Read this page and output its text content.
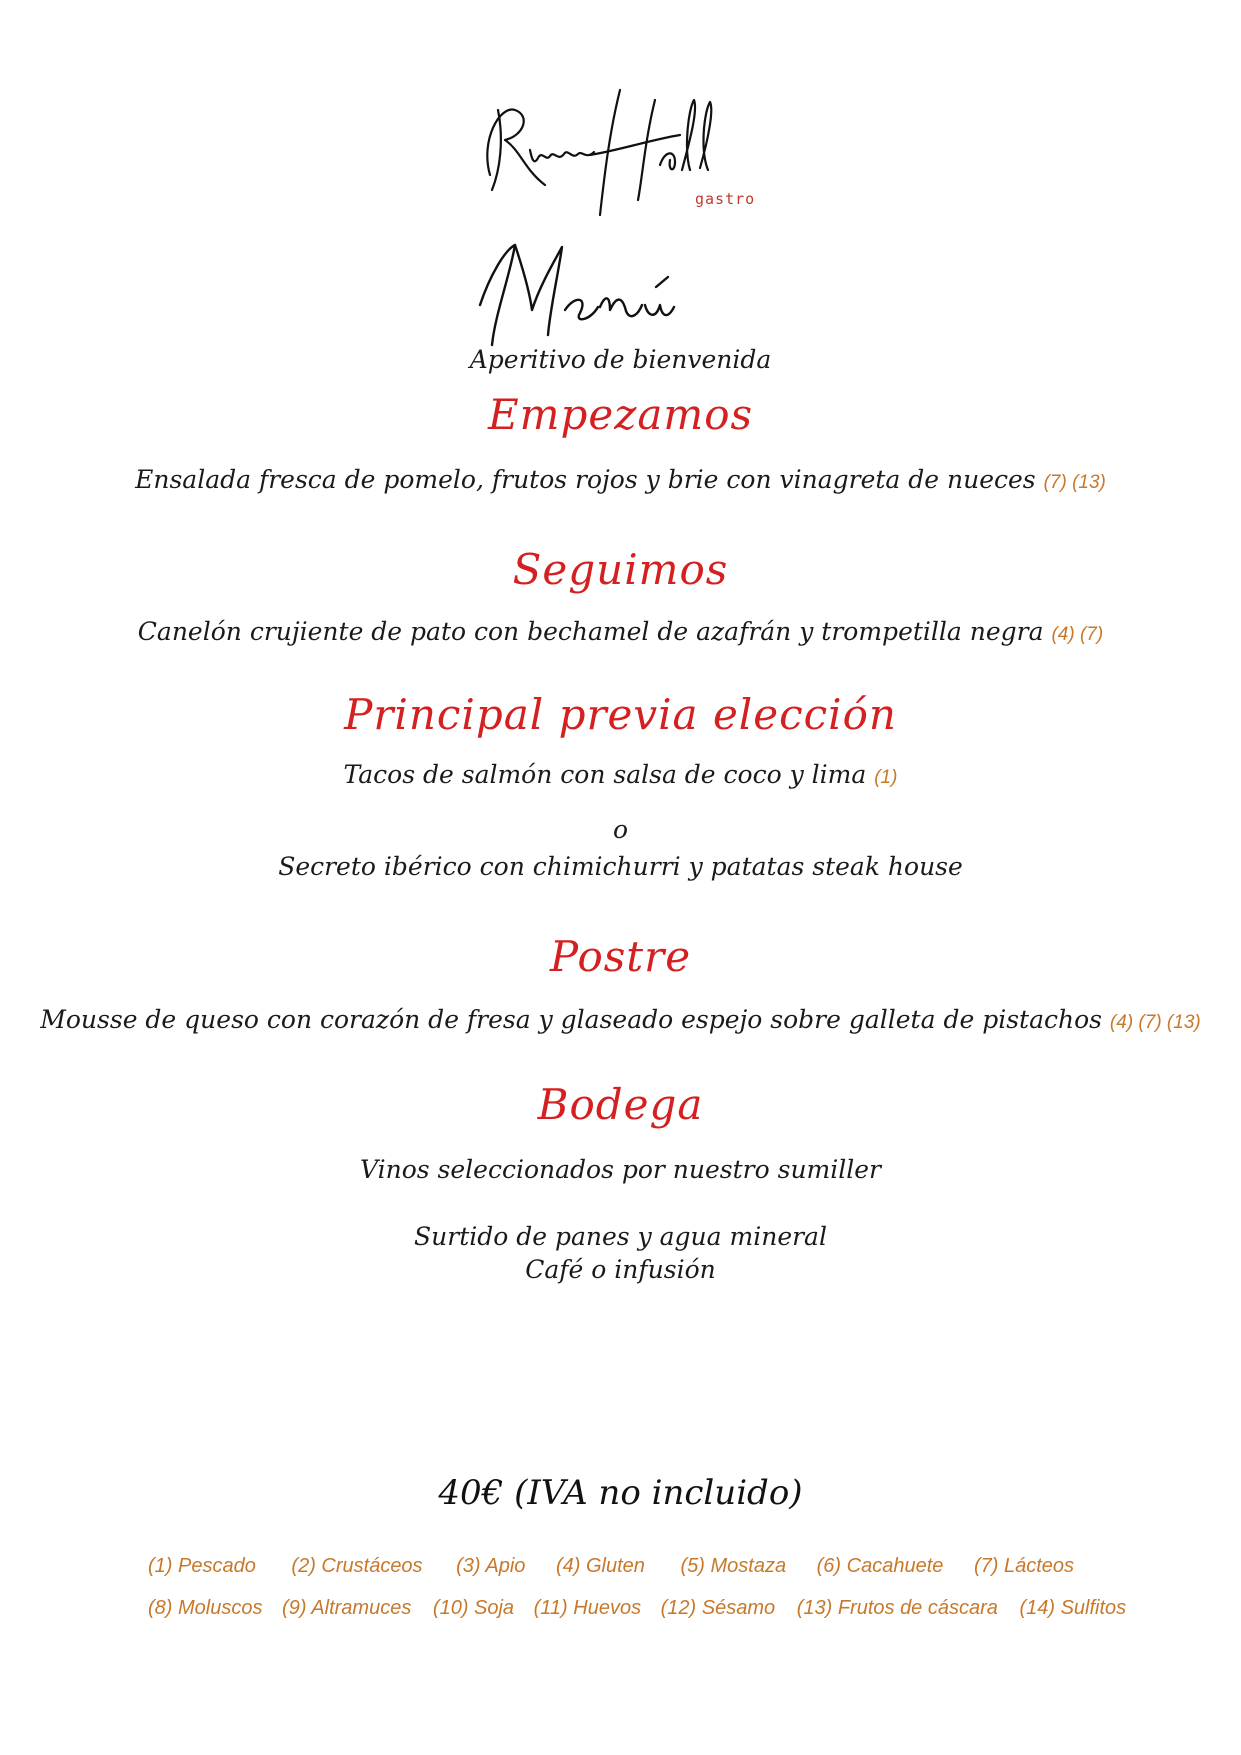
gastro
Aperitivo de bienvenida
Empezamos
Ensalada fresca de pomelo, frutos rojos y brie con vinagreta de nueces (7) (13)
Seguimos
Canelón crujiente de pato con bechamel de azafrán y trompetilla negra (4) (7)
Principal previa elección
Tacos de salmón con salsa de coco y lima (1)
o
Secreto ibérico con chimichurri y patatas steak house
Postre
Mousse de queso con corazón de fresa y glaseado espejo sobre galleta de pistachos (4) (7) (13)
Bodega
Vinos seleccionados por nuestro sumiller
Surtido de panes y agua mineral
Café o infusión
40€ (IVA no incluido)
(1) Pescado (2) Crustáceos (3) Apio (4) Gluten (5) Mostaza (6) Cacahuete (7) Lácteos
(8) Moluscos (9) Altramuces (10) Soja (11) Huevos (12) Sésamo (13) Frutos de cáscara (14) Sulfitos
